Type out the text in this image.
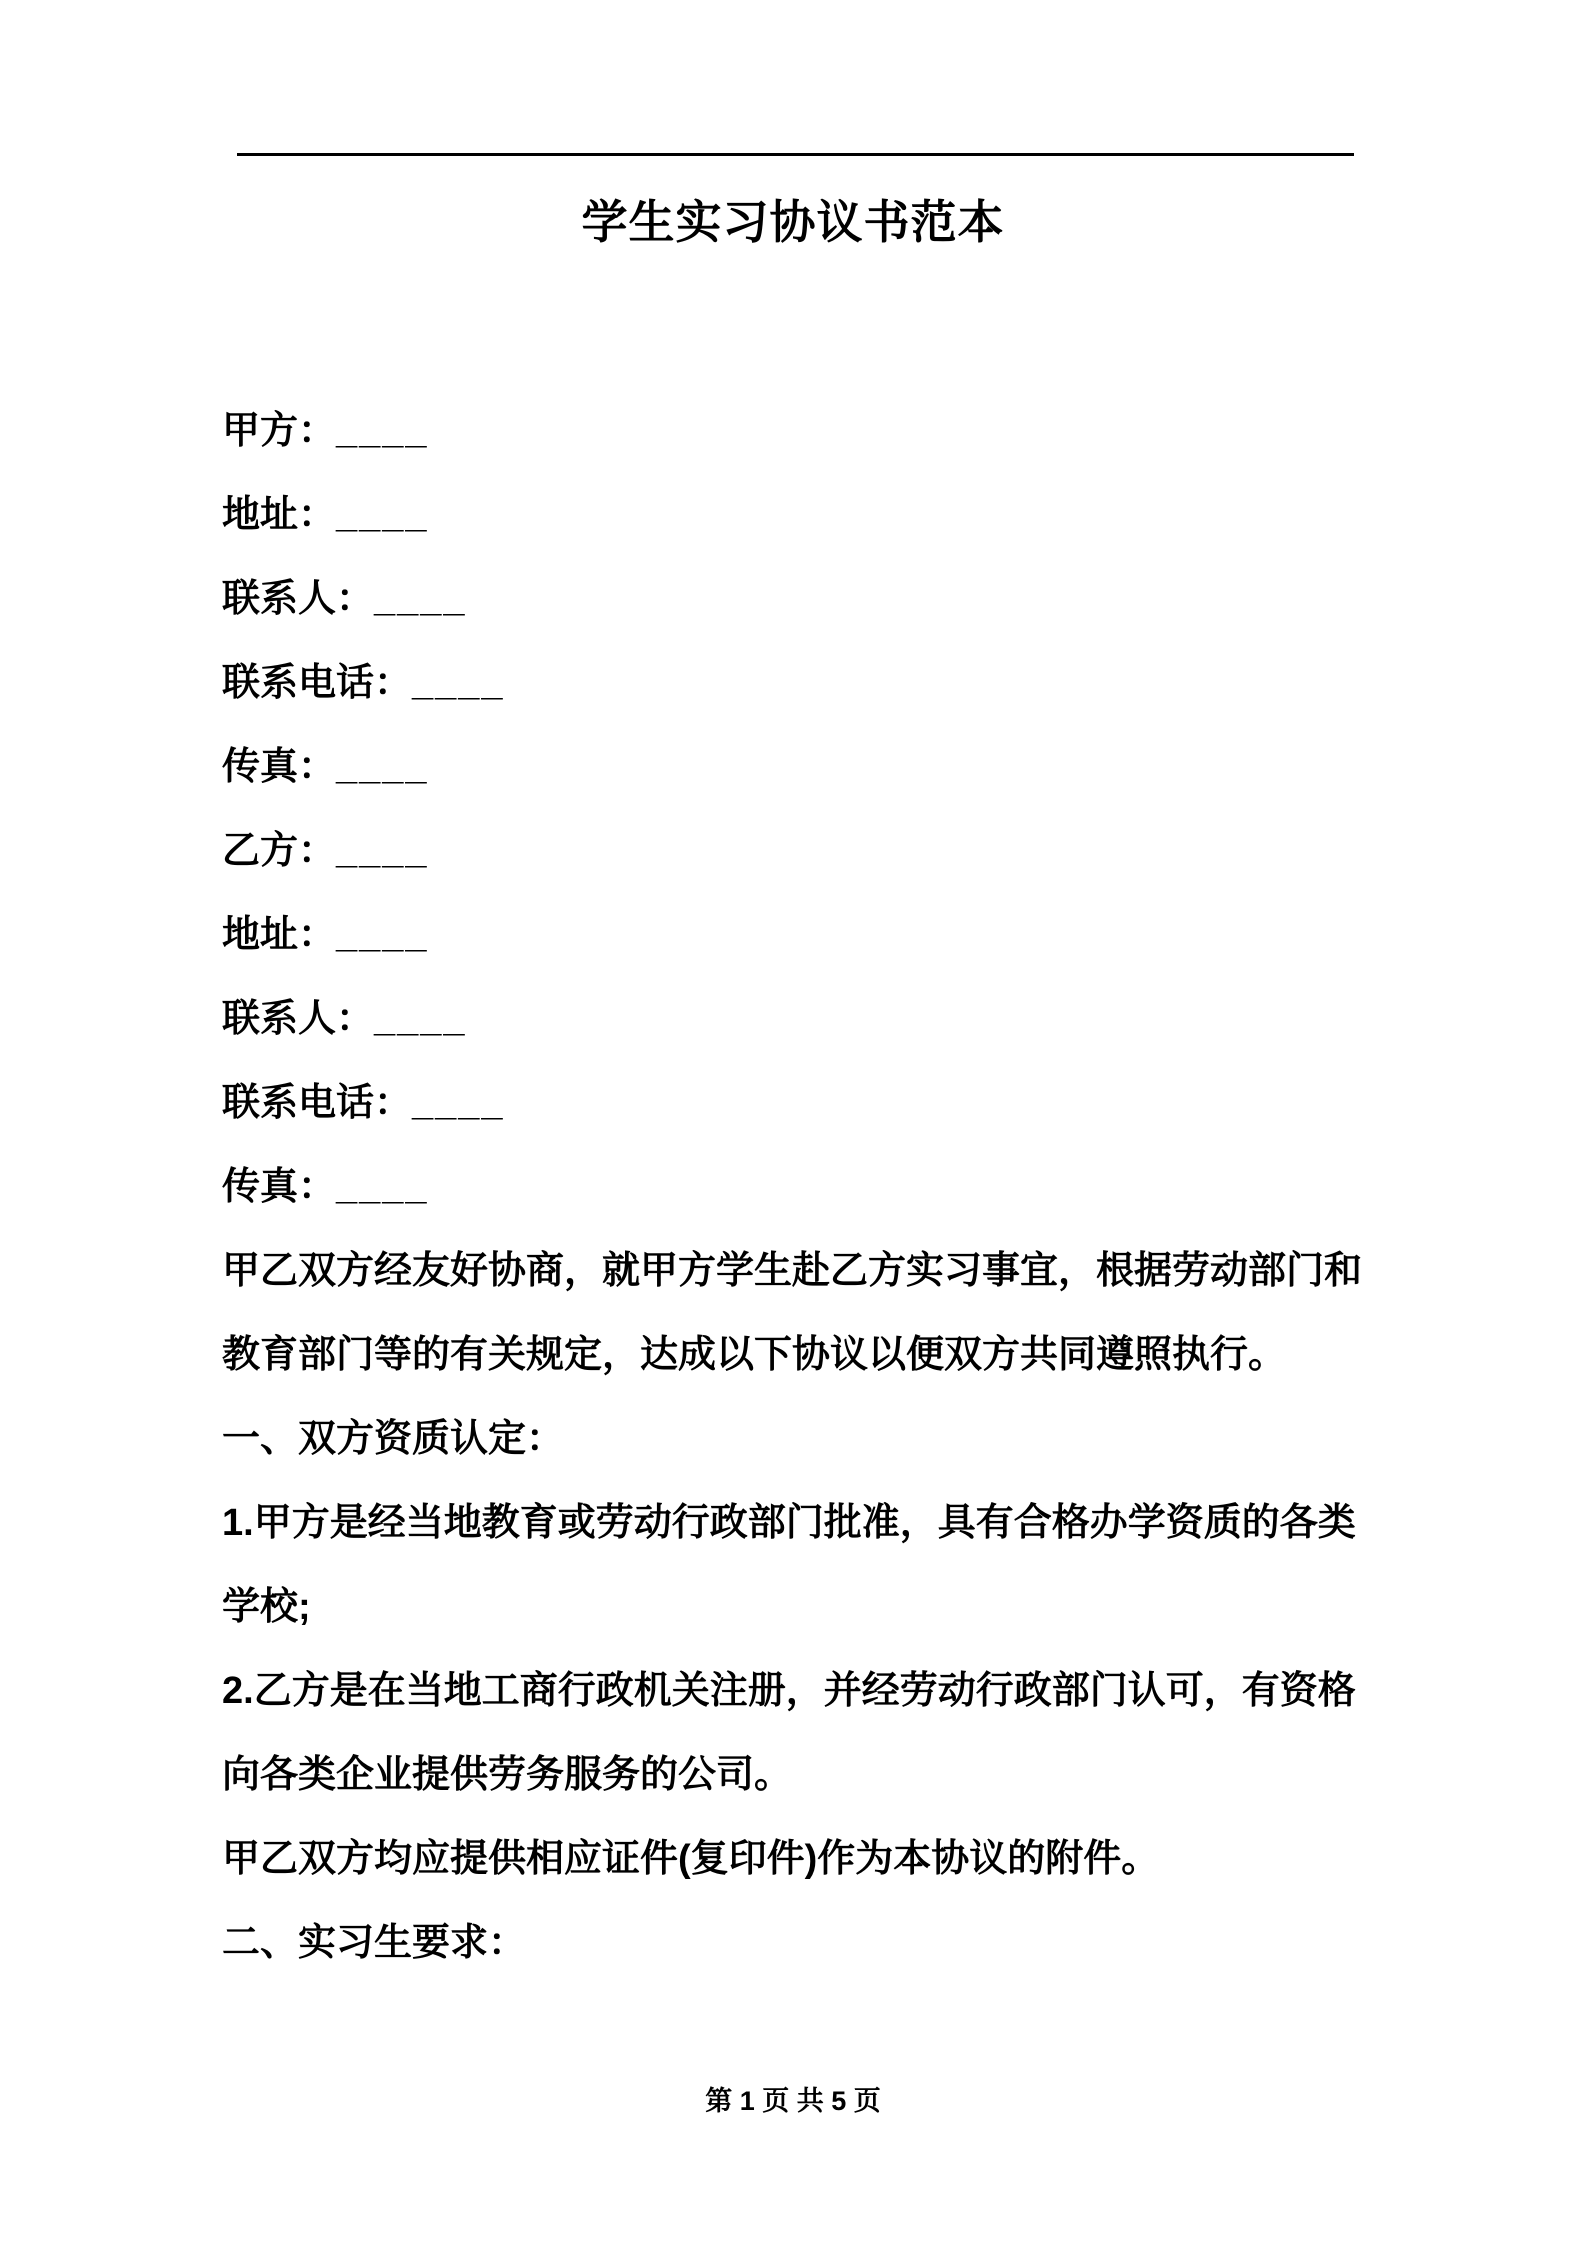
学生实习协议书范本
甲方：____
地址：____
联系人：____
联系电话：____
传真：____
乙方：____
地址：____
联系人：____
联系电话：____
传真：____
甲乙双方经友好协商，就甲方学生赴乙方实习事宜，根据劳动部门和
教育部门等的有关规定，达成以下协议以便双方共同遵照执行。
一、双方资质认定：
1.甲方是经当地教育或劳动行政部门批准，具有合格办学资质的各类
学校;
2.乙方是在当地工商行政机关注册，并经劳动行政部门认可，有资格
向各类企业提供劳务服务的公司。
甲乙双方均应提供相应证件(复印件)作为本协议的附件。
二、实习生要求：
第 1 页 共 5 页
